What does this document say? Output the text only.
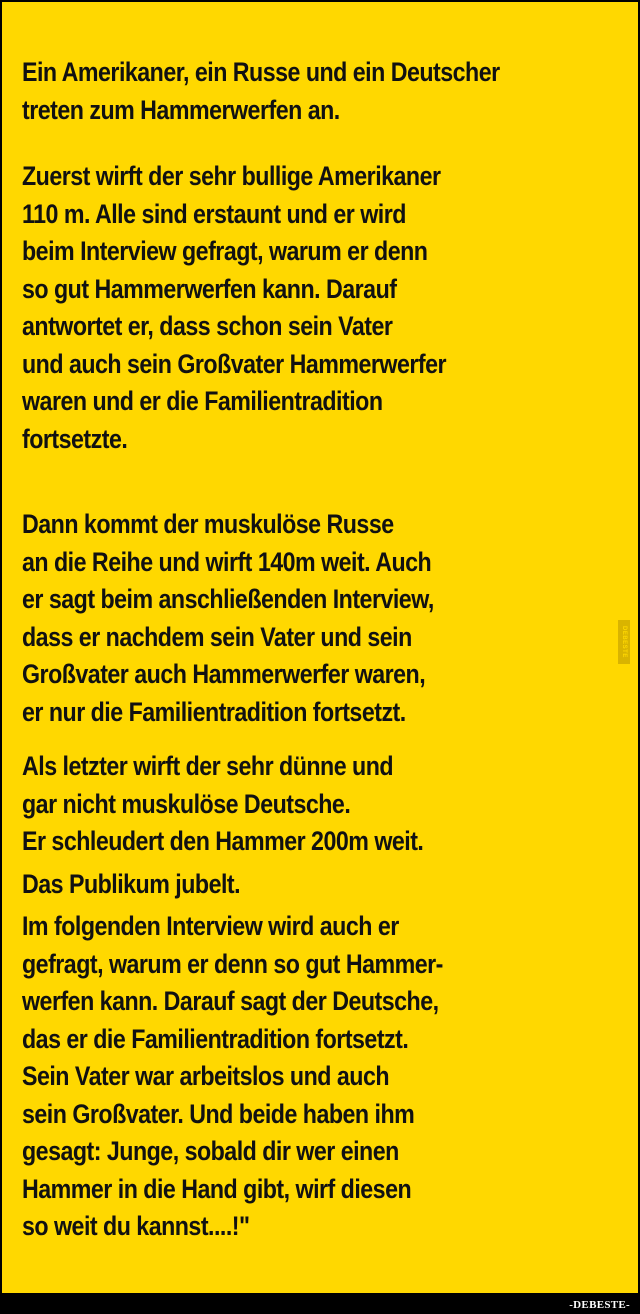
Ein Amerikaner, ein Russe und ein Deutscher
treten zum Hammerwerfen an.

Zuerst wirft der sehr bullige Amerikaner
110 m. Alle sind erstaunt und er wird
beim Interview gefragt, warum er denn
so gut Hammerwerfen kann. Darauf
antwortet er, dass schon sein Vater
und auch sein Großvater Hammerwerfer
waren und er die Familientradition
fortsetzte.

Dann kommt der muskulöse Russe
an die Reihe und wirft 140m weit. Auch
er sagt beim anschließenden Interview,
dass er nachdem sein Vater und sein
Großvater auch Hammerwerfer waren,
er nur die Familientradition fortsetzt.

Als letzter wirft der sehr dünne und
gar nicht muskulöse Deutsche.
Er schleudert den Hammer 200m weit.

Das Publikum jubelt.

Im folgenden Interview wird auch er
gefragt, warum er denn so gut Hammer-
werfen kann. Darauf sagt der Deutsche,
das er die Familientradition fortsetzt.
Sein Vater war arbeitslos und auch
sein Großvater. Und beide haben ihm
gesagt: Junge, sobald dir wer einen
Hammer in die Hand gibt, wirf diesen
so weit du kannst....!"

DEBESTE
-DEBESTE-
